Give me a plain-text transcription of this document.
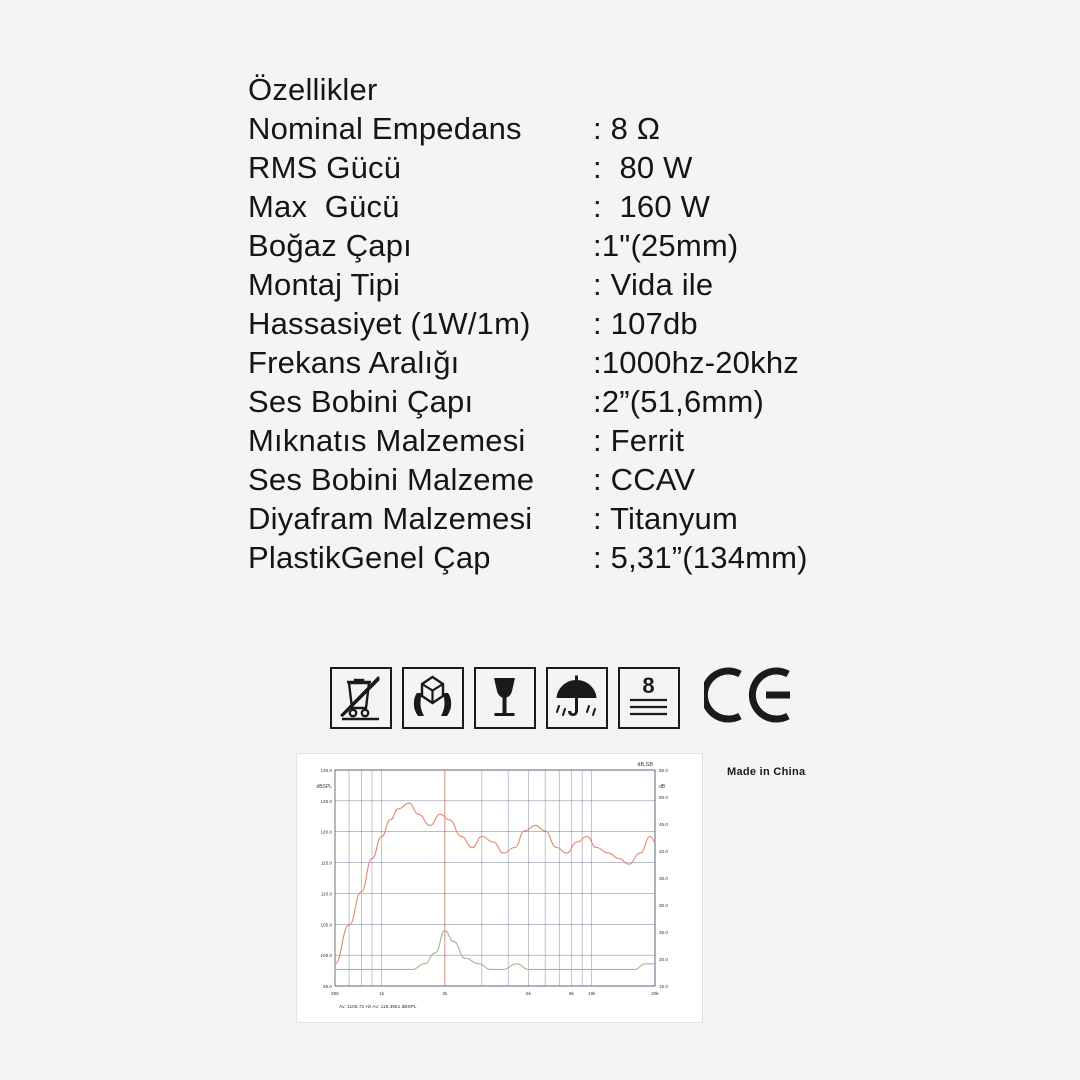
Özellikler
Nominal Empedans	: 8 Ω
RMS Gücü	:  80 W
Max  Gücü	:  160 W
Boğaz Çapı	:1"(25mm)
Montaj Tipi	: Vida ile
Hassasiyet (1W/1m)	: 107db
Frekans Aralığı	:1000hz-20khz
Ses Bobini Çapı	:2”(51,6mm)
Mıknatıs Malzemesi	: Ferrit
Ses Bobini Malzeme	: CCAV
Diyafram Malzemesi	: Titanyum
PlastikGenel Çap	: 5,31”(134mm)
8
Made in China
dB,SB
130.0
125.0
120.0
115.0
110.0
105.0
100.0
95.0
55.0
50.0
45.0
40.0
35.0
30.0
25.0
20.0
15.0
600	1k	2k	5k	8k	10k	20k
dBSPL	dB
Av: 1105.72 Hz Av: 115.3961 dBSPL
